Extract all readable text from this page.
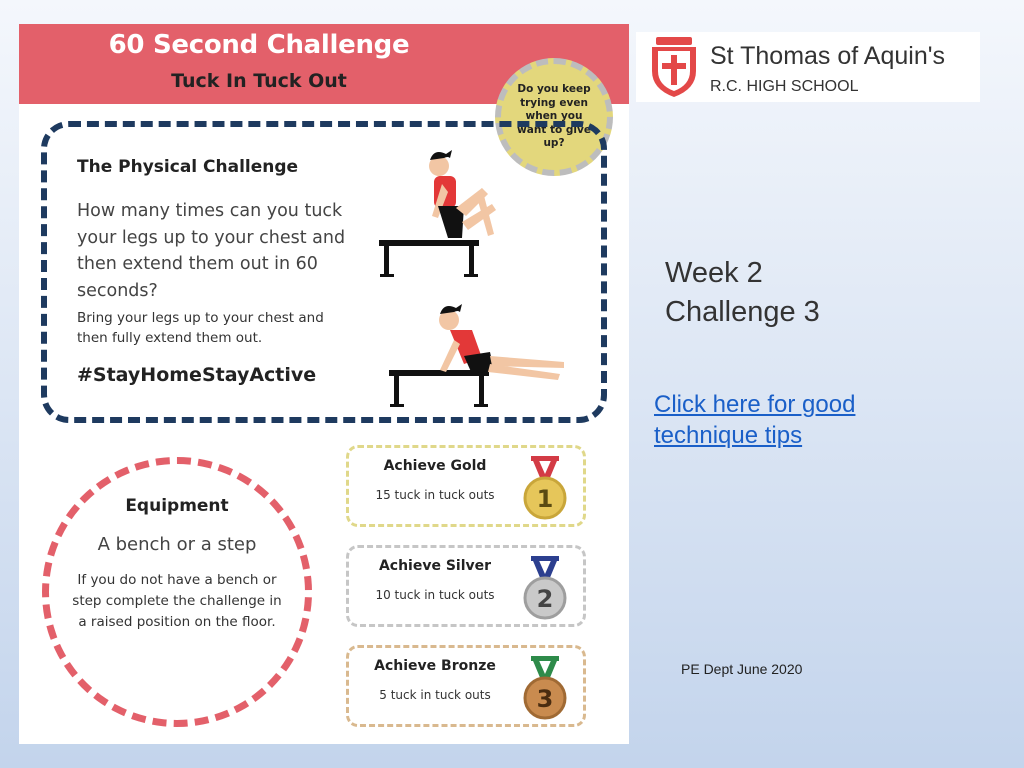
60 Second Challenge
Tuck In Tuck Out	Do you keep trying even when you want to give up?
The Physical Challenge
How many times can you tuck your legs up to your chest and then extend them out in 60 seconds?
Bring your legs up to your chest and then fully extend them out.
#StayHomeStayActive
Equipment
A bench or a step
If you do not have a bench or step complete the challenge in a raised position on the floor.
Achieve Gold
15 tuck in tuck outs	1
Achieve Silver
10 tuck in tuck outs	2
Achieve Bronze
5 tuck in tuck outs	3
St Thomas of Aquin's
R.C. HIGH SCHOOL
Week 2
Challenge 3
Click here for good technique tips
PE Dept June 2020
